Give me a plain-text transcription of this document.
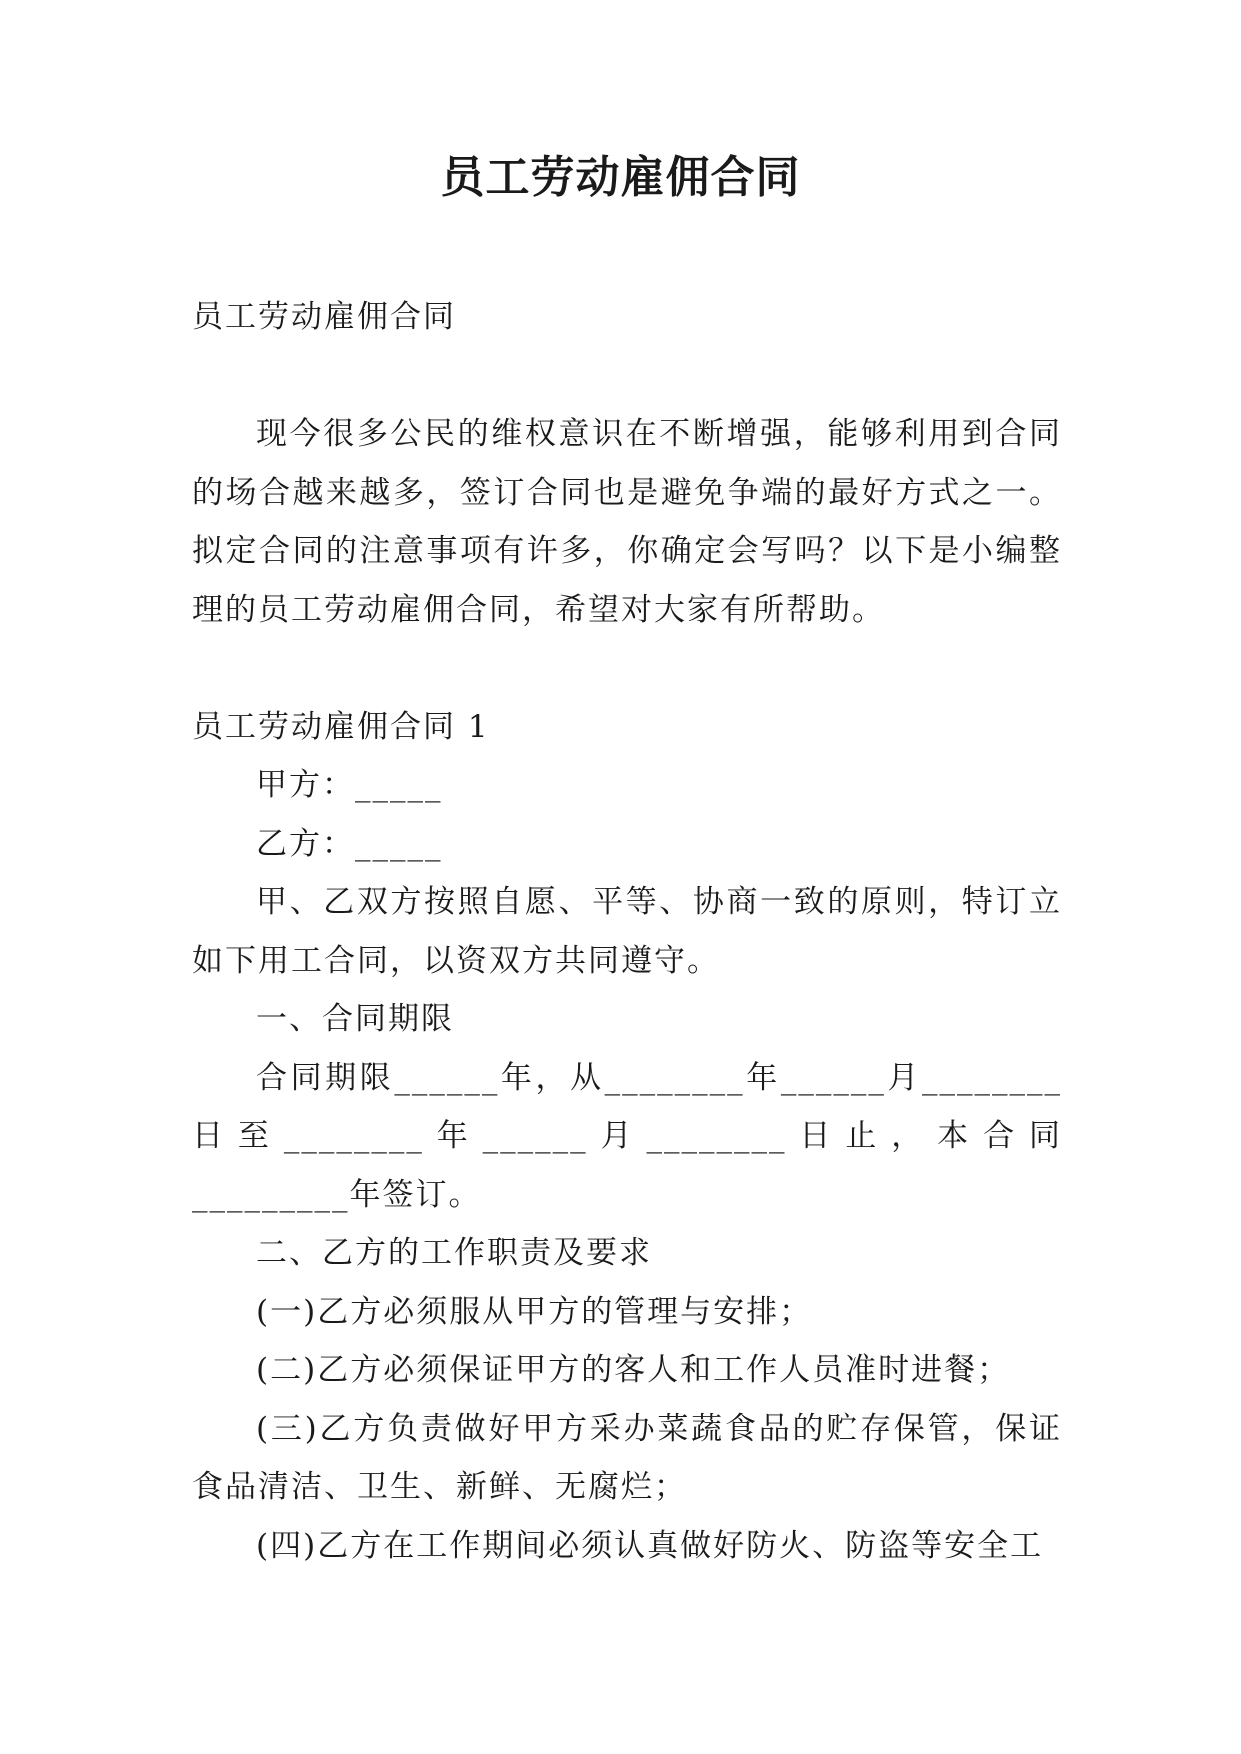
员工劳动雇佣合同

员工劳动雇佣合同

现今很多公民的维权意识在不断增强，能够利用到合同的场合越来越多，签订合同也是避免争端的最好方式之一。拟定合同的注意事项有许多，你确定会写吗？以下是小编整理的员工劳动雇佣合同，希望对大家有所帮助。

员工劳动雇佣合同 1

甲方：_____

乙方：_____

甲、乙双方按照自愿、平等、协商一致的原则，特订立如下用工合同，以资双方共同遵守。

一、合同期限

合同期限______年，从________年______月________日至________年______月________日止，本合同_________年签订。

二、乙方的工作职责及要求

(一)乙方必须服从甲方的管理与安排；

(二)乙方必须保证甲方的客人和工作人员准时进餐；

(三)乙方负责做好甲方采办菜蔬食品的贮存保管，保证食品清洁、卫生、新鲜、无腐烂；

(四)乙方在工作期间必须认真做好防火、防盗等安全工
